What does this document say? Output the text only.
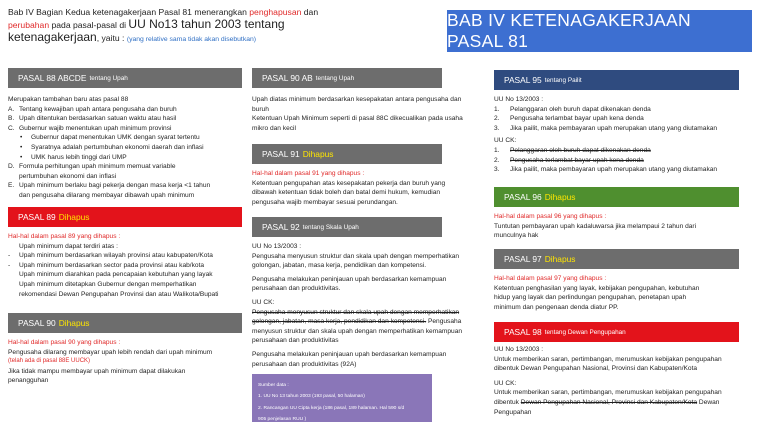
Bab IV Bagian Kedua ketenagakerjaan Pasal 81 menerangkan penghapusan dan
perubahan pada pasal-pasal di UU No13 tahun 2003 tentang
ketenagakerjaan, yaitu : (yang relative sama tidak akan disebutkan)
BAB IV KETENAGAKERJAAN PASAL 81
PASAL 88 ABCDE tentang Upah

Merupakan tambahan baru atas pasal 88

A. Tentang kewajiban upah antara pengusaha dan buruh
B. Upah ditentukan berdasarkan satuan waktu atau hasil
C. Gubernur wajib menentukan upah minimum provinsi
•	Gubernur dapat menentukan UMK dengan syarat tertentu
•	Syaratnya adalah pertumbuhan ekonomi daerah dan inflasi
•	UMK harus lebih tinggi dari UMP
D. Formula perhitungan upah minimum memuat variable
pertumbuhan ekonomi dan inflasi
E. Upah minimum berlaku bagi pekerja dengan masa kerja <1 tahun
dan pengusaha dilarang membayar dibawah upah minimum
PASAL 89 Dihapus

Hal-hal dalam pasal 89 yang dihapus :

Upah minimum dapat terdiri atas :
-	Upah minimum berdasarkan wilayah provinsi atau kabupaten/Kota
-	Upah minimum berdasarkan sector pada provinsi atau kab/kota
Upah minimum diarahkan pada pencapaian kebutuhan yang layak
Upah minimum ditetapkan Gubernur dengan memperhatikan
rekomendasi Dewan Pengupahan Provinsi dan atau Walikota/Bupati
PASAL 90 Dihapus

Hal-hal dalam pasal 90 yang dihapus :

Pengusaha dilarang membayar upah lebih rendah dari upah minimum

(telah ada di pasal 88E UUCK)

Jika tidak mampu membayar upah minimum dapat dilakukan

penangguhan

PASAL 90 AB tentang Upah

Upah diatas minimum berdasarkan kesepakatan antara pengusaha dan

buruh

Ketentuan Upah Minimum seperti di pasal 88C dikecualikan pada usaha

mikro dan kecil

PASAL 91 Dihapus

Hal-hal dalam pasal 91 yang dihapus :

Ketentuan pengupahan atas kesepakatan pekerja dan buruh yang

dibawah ketentuan tidak boleh dan batal demi hukum, kemudian

pengusaha wajib membayar sesuai perundangan.

PASAL 92 tentang Skala Upah

UU No 13/2003 :

Pengusaha menyusun struktur dan skala upah dengan memperhatikan

golongan, jabatan, masa kerja, pendidikan dan kompetensi.

Pengusaha melakukan peninjauan upah berdasarkan kemampuan

perusahaan dan produktivitas.

UU CK:

Pengusaha menyusun struktur dan skala upah dengan memperhatikan

golongan, jabatan, masa kerja, pendidikan dan kompetensi. Pengusaha

menyusun struktur dan skala upah dengan memperhatikan kemampuan

perusahaan dan produktivitas

Pengusaha melakukan peninjauan upah berdasarkan kemampuan

perusahaan dan produktivitas (92A)

Sumber data :

1. UU No 13 tahun 2003 (193 pasal, 50 halaman)

2. Rancangan UU Cipta kerja (186 pasal, 189 halaman. Hal 590 s/d

905 penjelasan RUU )

disiapkan oleh www.afconp.co.id

PASAL 95 tentang Pailit

UU No 13/2003 :

1.	Pelanggaran oleh buruh dapat dikenakan denda
2.	Pengusaha terlambat bayar upah kena denda
3.	Jika pailit, maka pembayaran upah merupakan utang yang diutamakan

UU CK:

1.	Pelanggaran oleh buruh dapat dikenakan denda
2.	Pengusaha terlambat bayar upah kena denda
3.	Jika pailit, maka pembayaran upah merupakan utang yang diutamakan
PASAL 96 Dihapus

Hal-hal dalam pasal 96 yang dihapus :

Tuntutan pembayaran upah kadaluwarsa jika melampaui 2 tahun dari

munculnya hak

PASAL 97 Dihapus

Hal-hal dalam pasal 97 yang dihapus :

Ketentuan penghasilan yang layak, kebijakan pengupahan, kebutuhan

hidup yang layak dan perlindungan pengupahan, penetapan upah

minimum dan pengenaan denda diatur PP.

PASAL 98 tentang Dewan Pengupahan

UU No 13/2003 :

Untuk memberikan saran, pertimbangan, merumuskan kebijakan pengupahan

dibentuk Dewan Pengupahan Nasional, Provinsi dan Kabupaten/Kota

UU CK:

Untuk memberikan saran, pertimbangan, merumuskan kebijakan pengupahan

dibentuk Dewan Pengupahan Nasional, Provinsi dan Kabupaten/Kota Dewan

Pengupahan
